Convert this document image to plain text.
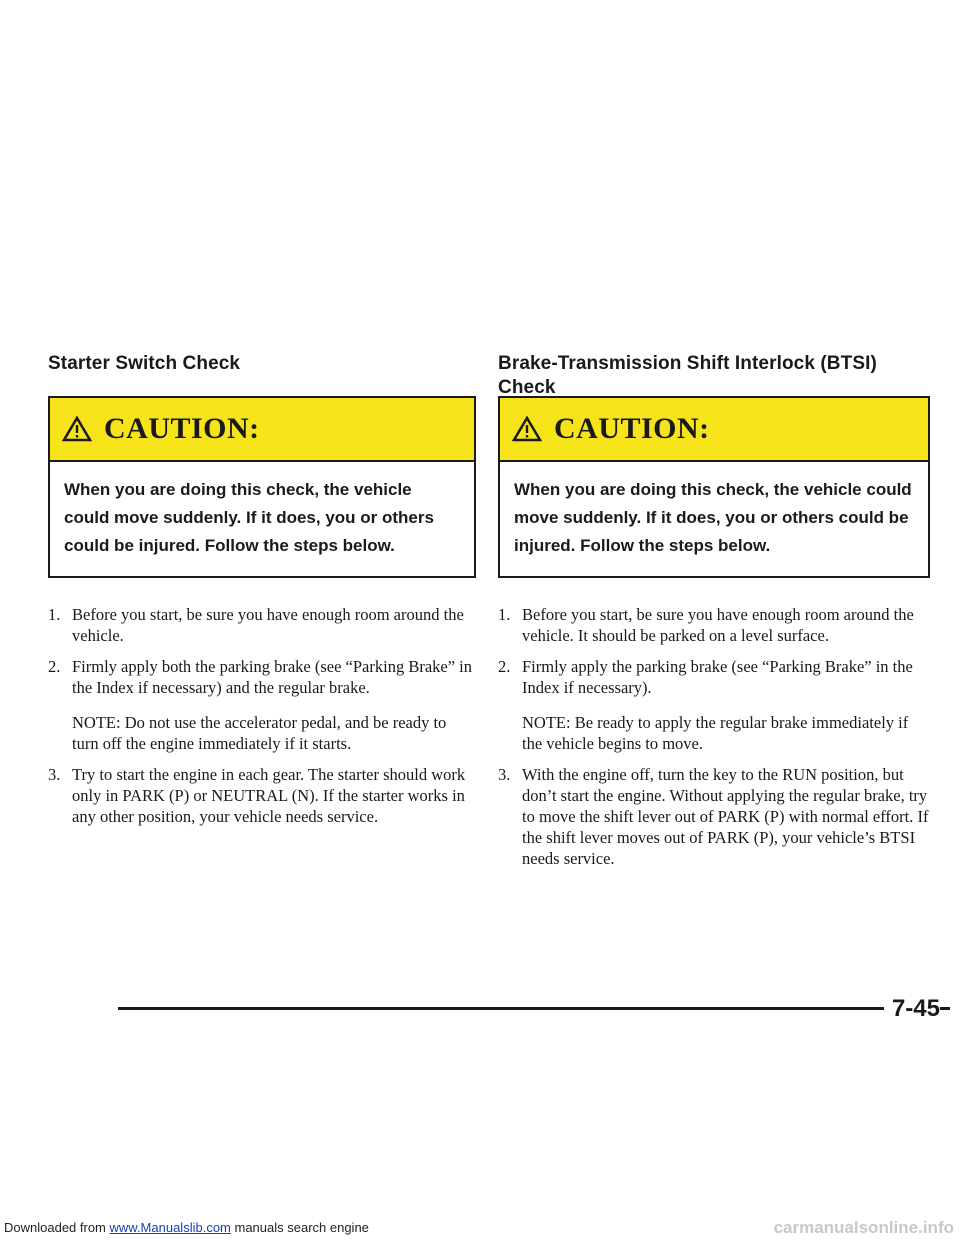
Starter Switch Check
CAUTION:
When you are doing this check, the vehicle could move suddenly. If it does, you or others could be injured. Follow the steps below.
1. Before you start, be sure you have enough room around the vehicle.
2. Firmly apply both the parking brake (see “Parking Brake” in the Index if necessary) and the regular brake.
NOTE: Do not use the accelerator pedal, and be ready to turn off the engine immediately if it starts.
3. Try to start the engine in each gear. The starter should work only in PARK (P) or NEUTRAL (N). If the starter works in any other position, your vehicle needs service.
Brake-Transmission Shift Interlock (BTSI) Check
CAUTION:
When you are doing this check, the vehicle could move suddenly. If it does, you or others could be injured. Follow the steps below.
1. Before you start, be sure you have enough room around the vehicle. It should be parked on a level surface.
2. Firmly apply the parking brake (see “Parking Brake” in the Index if necessary).
NOTE: Be ready to apply the regular brake immediately if the vehicle begins to move.
3. With the engine off, turn the key to the RUN position, but don’t start the engine. Without applying the regular brake, try to move the shift lever out of PARK (P) with normal effort. If the shift lever moves out of PARK (P), your vehicle’s BTSI needs service.
7-45
Downloaded from www.Manualslib.com manuals search engine	carmanualsonline.info
